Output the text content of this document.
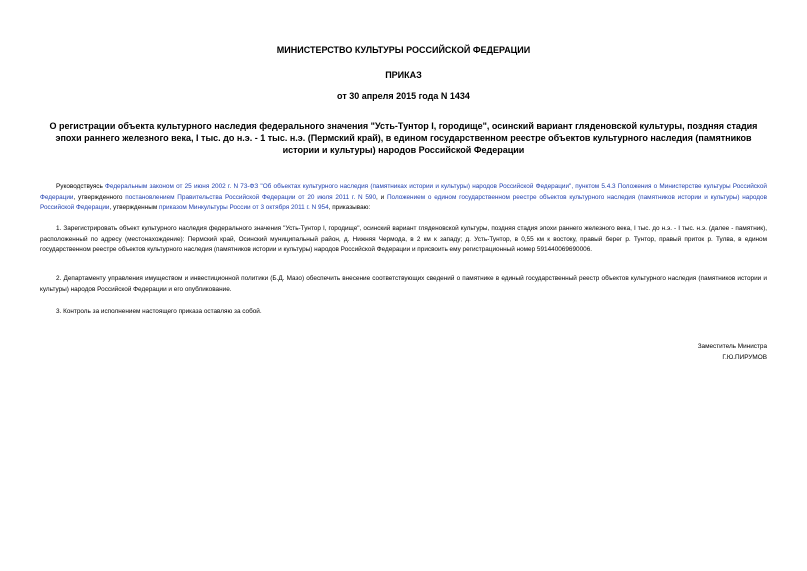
МИНИСТЕРСТВО КУЛЬТУРЫ РОССИЙСКОЙ ФЕДЕРАЦИИ
ПРИКАЗ
от 30 апреля 2015 года N 1434
О регистрации объекта культурного наследия федерального значения "Усть-Тунтор I, городище", осинский вариант гляденовской культуры, поздняя стадия эпохи раннего железного века, I тыс. до н.э. - 1 тыс. н.э. (Пермский край), в едином государственном реестре объектов культурного наследия (памятников истории и культуры) народов Российской Федерации
Руководствуясь Федеральным законом от 25 июня 2002 г. N 73-ФЗ "Об объектах культурного наследия (памятниках истории и культуры) народов Российской Федерации", пунктом 5.4.3 Положения о Министерстве культуры Российской Федерации, утвержденного постановлением Правительства Российской Федерации от 20 июля 2011 г. N 590, и Положением о едином государственном реестре объектов культурного наследия (памятников истории и культуры) народов Российской Федерации, утвержденным приказом Минкультуры России от 3 октября 2011 г. N 954, приказываю:
1. Зарегистрировать объект культурного наследия федерального значения "Усть-Тунтор I, городище", осинский вариант гляденовской культуры, поздняя стадия эпохи раннего железного века, I тыс. до н.э. - I тыс. н.э. (далее - памятник), расположенный по адресу (местонахождение): Пермский край, Осинский муниципальный район, д. Нижняя Чермода, в 2 км к западу; д. Усть-Тунтор, в 0,55 км к востоку, правый берег р. Тунтор, правый приток р. Тулва, в едином государственном реестре объектов культурного наследия (памятников истории и культуры) народов Российской Федерации и присвоить ему регистрационный номер 591440069690006.
2. Департаменту управления имуществом и инвестиционной политики (Б.Д. Мазо) обеспечить внесение соответствующих сведений о памятнике в единый государственный реестр объектов культурного наследия (памятников истории и культуры) народов Российской Федерации и его опубликование.
3. Контроль за исполнением настоящего приказа оставляю за собой.
Заместитель Министра
Г.Ю.ПИРУМОВ
